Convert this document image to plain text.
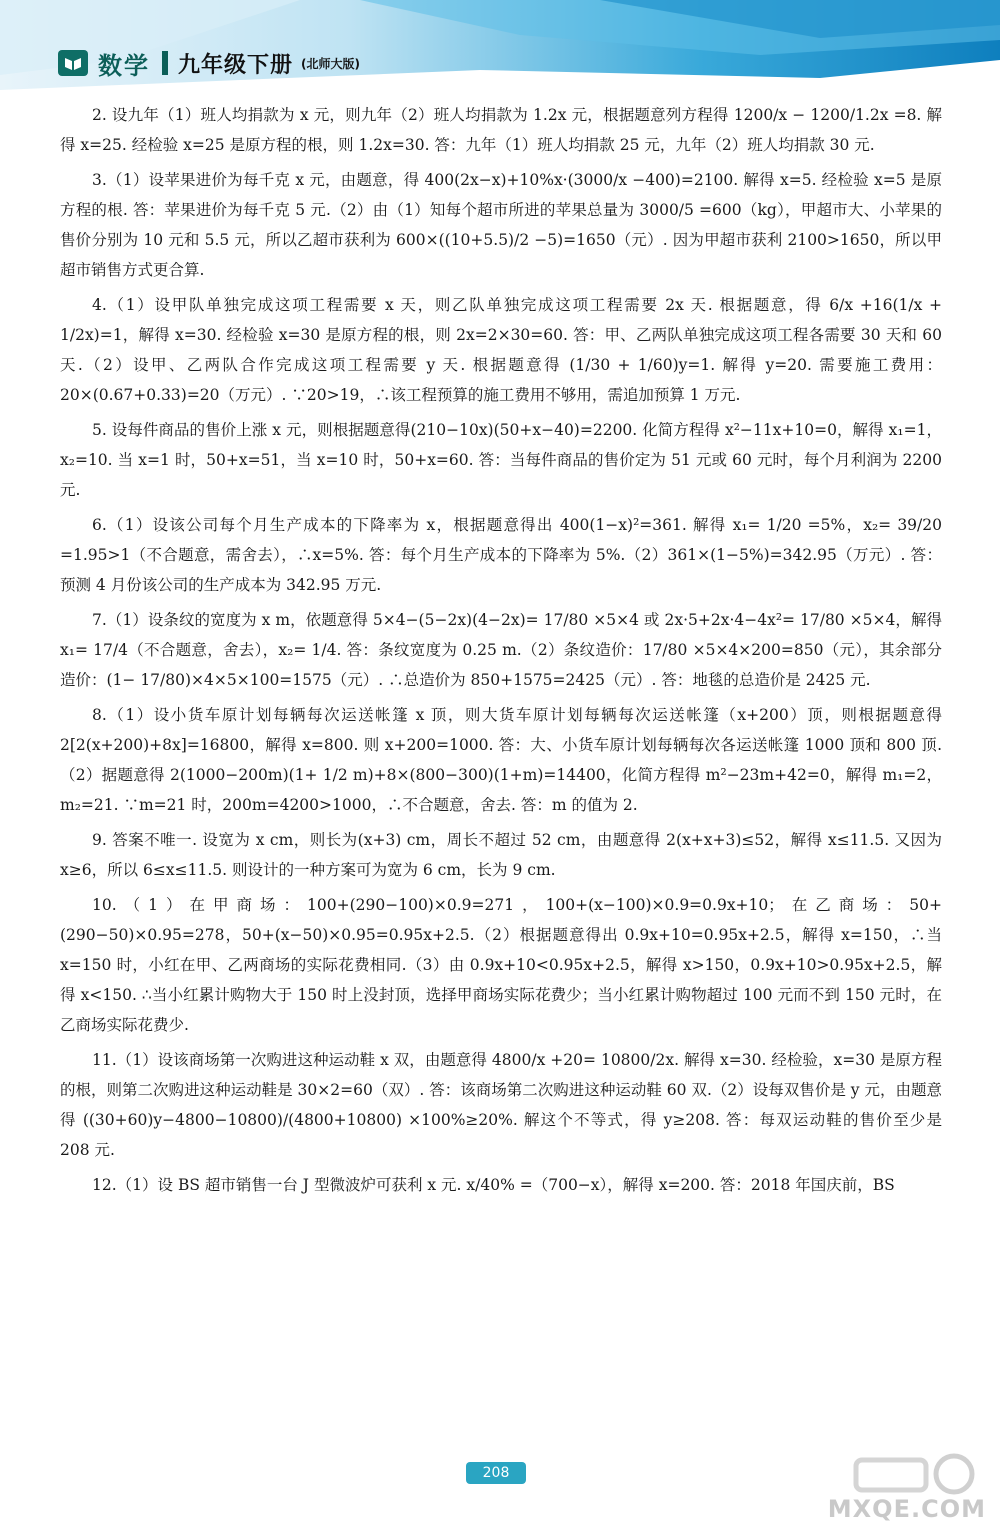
数学 九年级下册 (北师大版)

2. 设九年（1）班人均捐款为 x 元，则九年（2）班人均捐款为 1.2x 元，根据题意列方程得 1200/x − 1200/1.2x =8. 解得 x=25. 经检验 x=25 是原方程的根，则 1.2x=30. 答：九年（1）班人均捐款 25 元，九年（2）班人均捐款 30 元.

3.（1）设苹果进价为每千克 x 元，由题意，得 400(2x−x)+10%x·(3000/x −400)=2100. 解得 x=5. 经检验 x=5 是原方程的根. 答：苹果进价为每千克 5 元.（2）由（1）知每个超市所进的苹果总量为 3000/5 =600（kg），甲超市大、小苹果的售价分别为 10 元和 5.5 元，所以乙超市获利为 600×((10+5.5)/2 −5)=1650（元）. 因为甲超市获利 2100>1650，所以甲超市销售方式更合算.

4.（1）设甲队单独完成这项工程需要 x 天，则乙队单独完成这项工程需要 2x 天. 根据题意，得 6/x +16(1/x + 1/2x)=1，解得 x=30. 经检验 x=30 是原方程的根，则 2x=2×30=60. 答：甲、乙两队单独完成这项工程各需要 30 天和 60 天.（2）设甲、乙两队合作完成这项工程需要 y 天. 根据题意得 (1/30 + 1/60)y=1. 解得 y=20. 需要施工费用：20×(0.67+0.33)=20（万元）. ∵20>19，∴该工程预算的施工费用不够用，需追加预算 1 万元.

5. 设每件商品的售价上涨 x 元，则根据题意得(210−10x)(50+x−40)=2200. 化简方程得 x²−11x+10=0，解得 x₁=1，x₂=10. 当 x=1 时，50+x=51，当 x=10 时，50+x=60. 答：当每件商品的售价定为 51 元或 60 元时，每个月利润为 2200 元.

6.（1）设该公司每个月生产成本的下降率为 x，根据题意得出 400(1−x)²=361. 解得 x₁= 1/20 =5%，x₂= 39/20 =1.95>1（不合题意，需舍去），∴x=5%. 答：每个月生产成本的下降率为 5%.（2）361×(1−5%)=342.95（万元）. 答：预测 4 月份该公司的生产成本为 342.95 万元.

7.（1）设条纹的宽度为 x m，依题意得 5×4−(5−2x)(4−2x)= 17/80 ×5×4 或 2x·5+2x·4−4x²= 17/80 ×5×4，解得 x₁= 17/4（不合题意，舍去），x₂= 1/4. 答：条纹宽度为 0.25 m.（2）条纹造价：17/80 ×5×4×200=850（元），其余部分造价：(1− 17/80)×4×5×100=1575（元）. ∴总造价为 850+1575=2425（元）. 答：地毯的总造价是 2425 元.

8.（1）设小货车原计划每辆每次运送帐篷 x 顶，则大货车原计划每辆每次运送帐篷（x+200）顶，则根据题意得 2[2(x+200)+8x]=16800，解得 x=800. 则 x+200=1000. 答：大、小货车原计划每辆每次各运送帐篷 1000 顶和 800 顶.（2）据题意得 2(1000−200m)(1+ 1/2 m)+8×(800−300)(1+m)=14400，化简方程得 m²−23m+42=0，解得 m₁=2，m₂=21. ∵m=21 时，200m=4200>1000，∴不合题意，舍去. 答：m 的值为 2.

9. 答案不唯一. 设宽为 x cm，则长为(x+3) cm，周长不超过 52 cm，由题意得 2(x+x+3)≤52，解得 x≤11.5. 又因为 x≥6，所以 6≤x≤11.5. 则设计的一种方案可为宽为 6 cm，长为 9 cm.

10.（1）在甲商场：100+(290−100)×0.9=271，100+(x−100)×0.9=0.9x+10；在乙商场：50+(290−50)×0.95=278，50+(x−50)×0.95=0.95x+2.5.（2）根据题意得出 0.9x+10=0.95x+2.5，解得 x=150，∴当 x=150 时，小红在甲、乙两商场的实际花费相同.（3）由 0.9x+10<0.95x+2.5，解得 x>150，0.9x+10>0.95x+2.5，解得 x<150. ∴当小红累计购物大于 150 时上没封顶，选择甲商场实际花费少；当小红累计购物超过 100 元而不到 150 元时，在乙商场实际花费少.

11.（1）设该商场第一次购进这种运动鞋 x 双，由题意得 4800/x +20= 10800/2x. 解得 x=30. 经检验，x=30 是原方程的根，则第二次购进这种运动鞋是 30×2=60（双）. 答：该商场第二次购进这种运动鞋 60 双.（2）设每双售价是 y 元，由题意得 ((30+60)y−4800−10800)/(4800+10800) ×100%≥20%. 解这个不等式，得 y≥208. 答：每双运动鞋的售价至少是 208 元.

12.（1）设 BS 超市销售一台 J 型微波炉可获利 x 元. x/40% =（700−x），解得 x=200. 答：2018 年国庆前，BS

208
MXQE.COM
